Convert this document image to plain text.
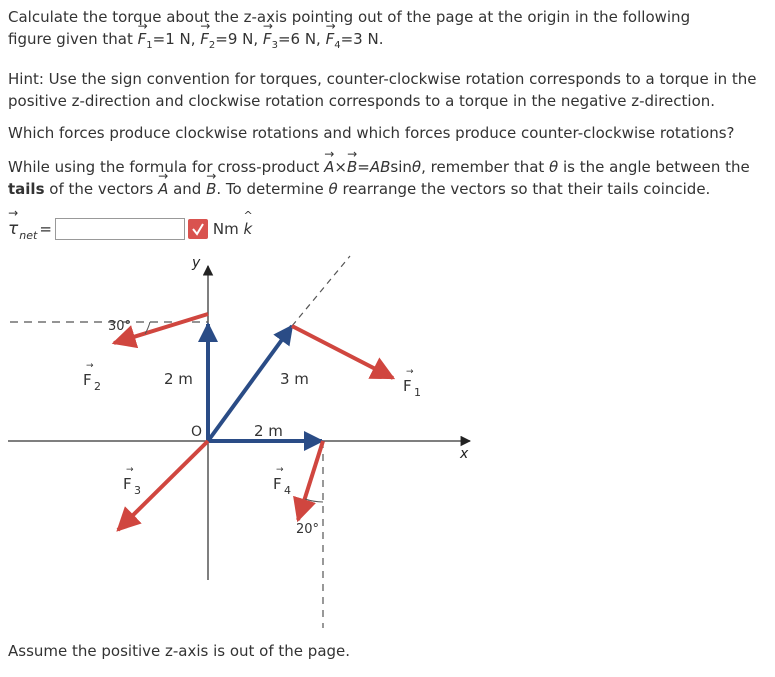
Calculate the torque about the z-axis pointing out of the page at the origin in the following
figure given that → $F_1=1$ N, → $F_2=9$ N, → $F_3=6$ N, → $F_4=3$ N.
Hint: Use the sign convention for torques, counter-clockwise rotation corresponds to a torque in the positive z-direction and clockwise rotation corresponds to a torque in the negative z-direction.
Which forces produce clockwise rotations and which forces produce counter-clockwise rotations?
While using the formula for cross-product → A×→ B=ABsinθ, remember that θ is the angle between the
tails of the vectors → A and → B. To determine θ rearrange the vectors so that their tails coincide.
→ τ net =	Nm
^
k
y
x
O
30°
20°
2 m	3 m
2 m
→
F 2
→
F 1
→
F 3
→
F 4
Assume the positive z-axis is out of the page.
